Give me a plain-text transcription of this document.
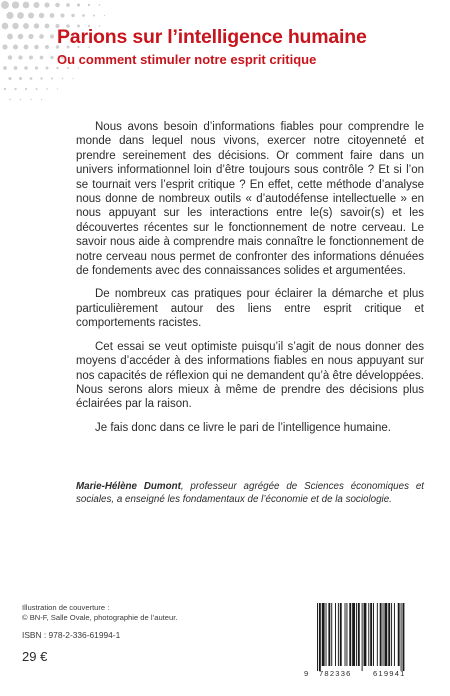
Parions sur l’intelligence humaine
Ou comment stimuler notre esprit critique

Nous avons besoin d’informations fiables pour comprendre le monde dans lequel nous vivons, exercer notre citoyenneté et prendre sereinement des décisions. Or comment faire dans un univers informationnel loin d’être toujours sous contrôle ? Et si l’on se tournait vers l’esprit critique ? En effet, cette méthode d’analyse nous donne de nombreux outils « d’autodéfense intellectuelle » en nous appuyant sur les interactions entre le(s) savoir(s) et les découvertes récentes sur le fonctionnement de notre cerveau. Le savoir nous aide à comprendre mais connaître le fonctionnement de notre cerveau nous permet de confronter des informations dénuées de fondements avec des connaissances solides et argumentées.

De nombreux cas pratiques pour éclairer la démarche et plus particulièrement autour des liens entre esprit critique et comportements racistes.

Cet essai se veut optimiste puisqu’il s’agit de nous donner des moyens d’accéder à des informations fiables en nous appuyant sur nos capacités de réflexion qui ne demandent qu’à être développées. Nous serons alors mieux à même de prendre des décisions plus éclairées par la raison.

Je fais donc dans ce livre le pari de l’intelligence humaine.

Marie-Hélène Dumont, professeur agrégée de Sciences économiques et sociales, a enseigné les fondamentaux de l’économie et de la sociologie.
Illustration de couverture :
© BN-F, Salle Ovale, photographie de l’auteur.
ISBN : 978-2-336-61994-1
29 €
9 782336	619941
